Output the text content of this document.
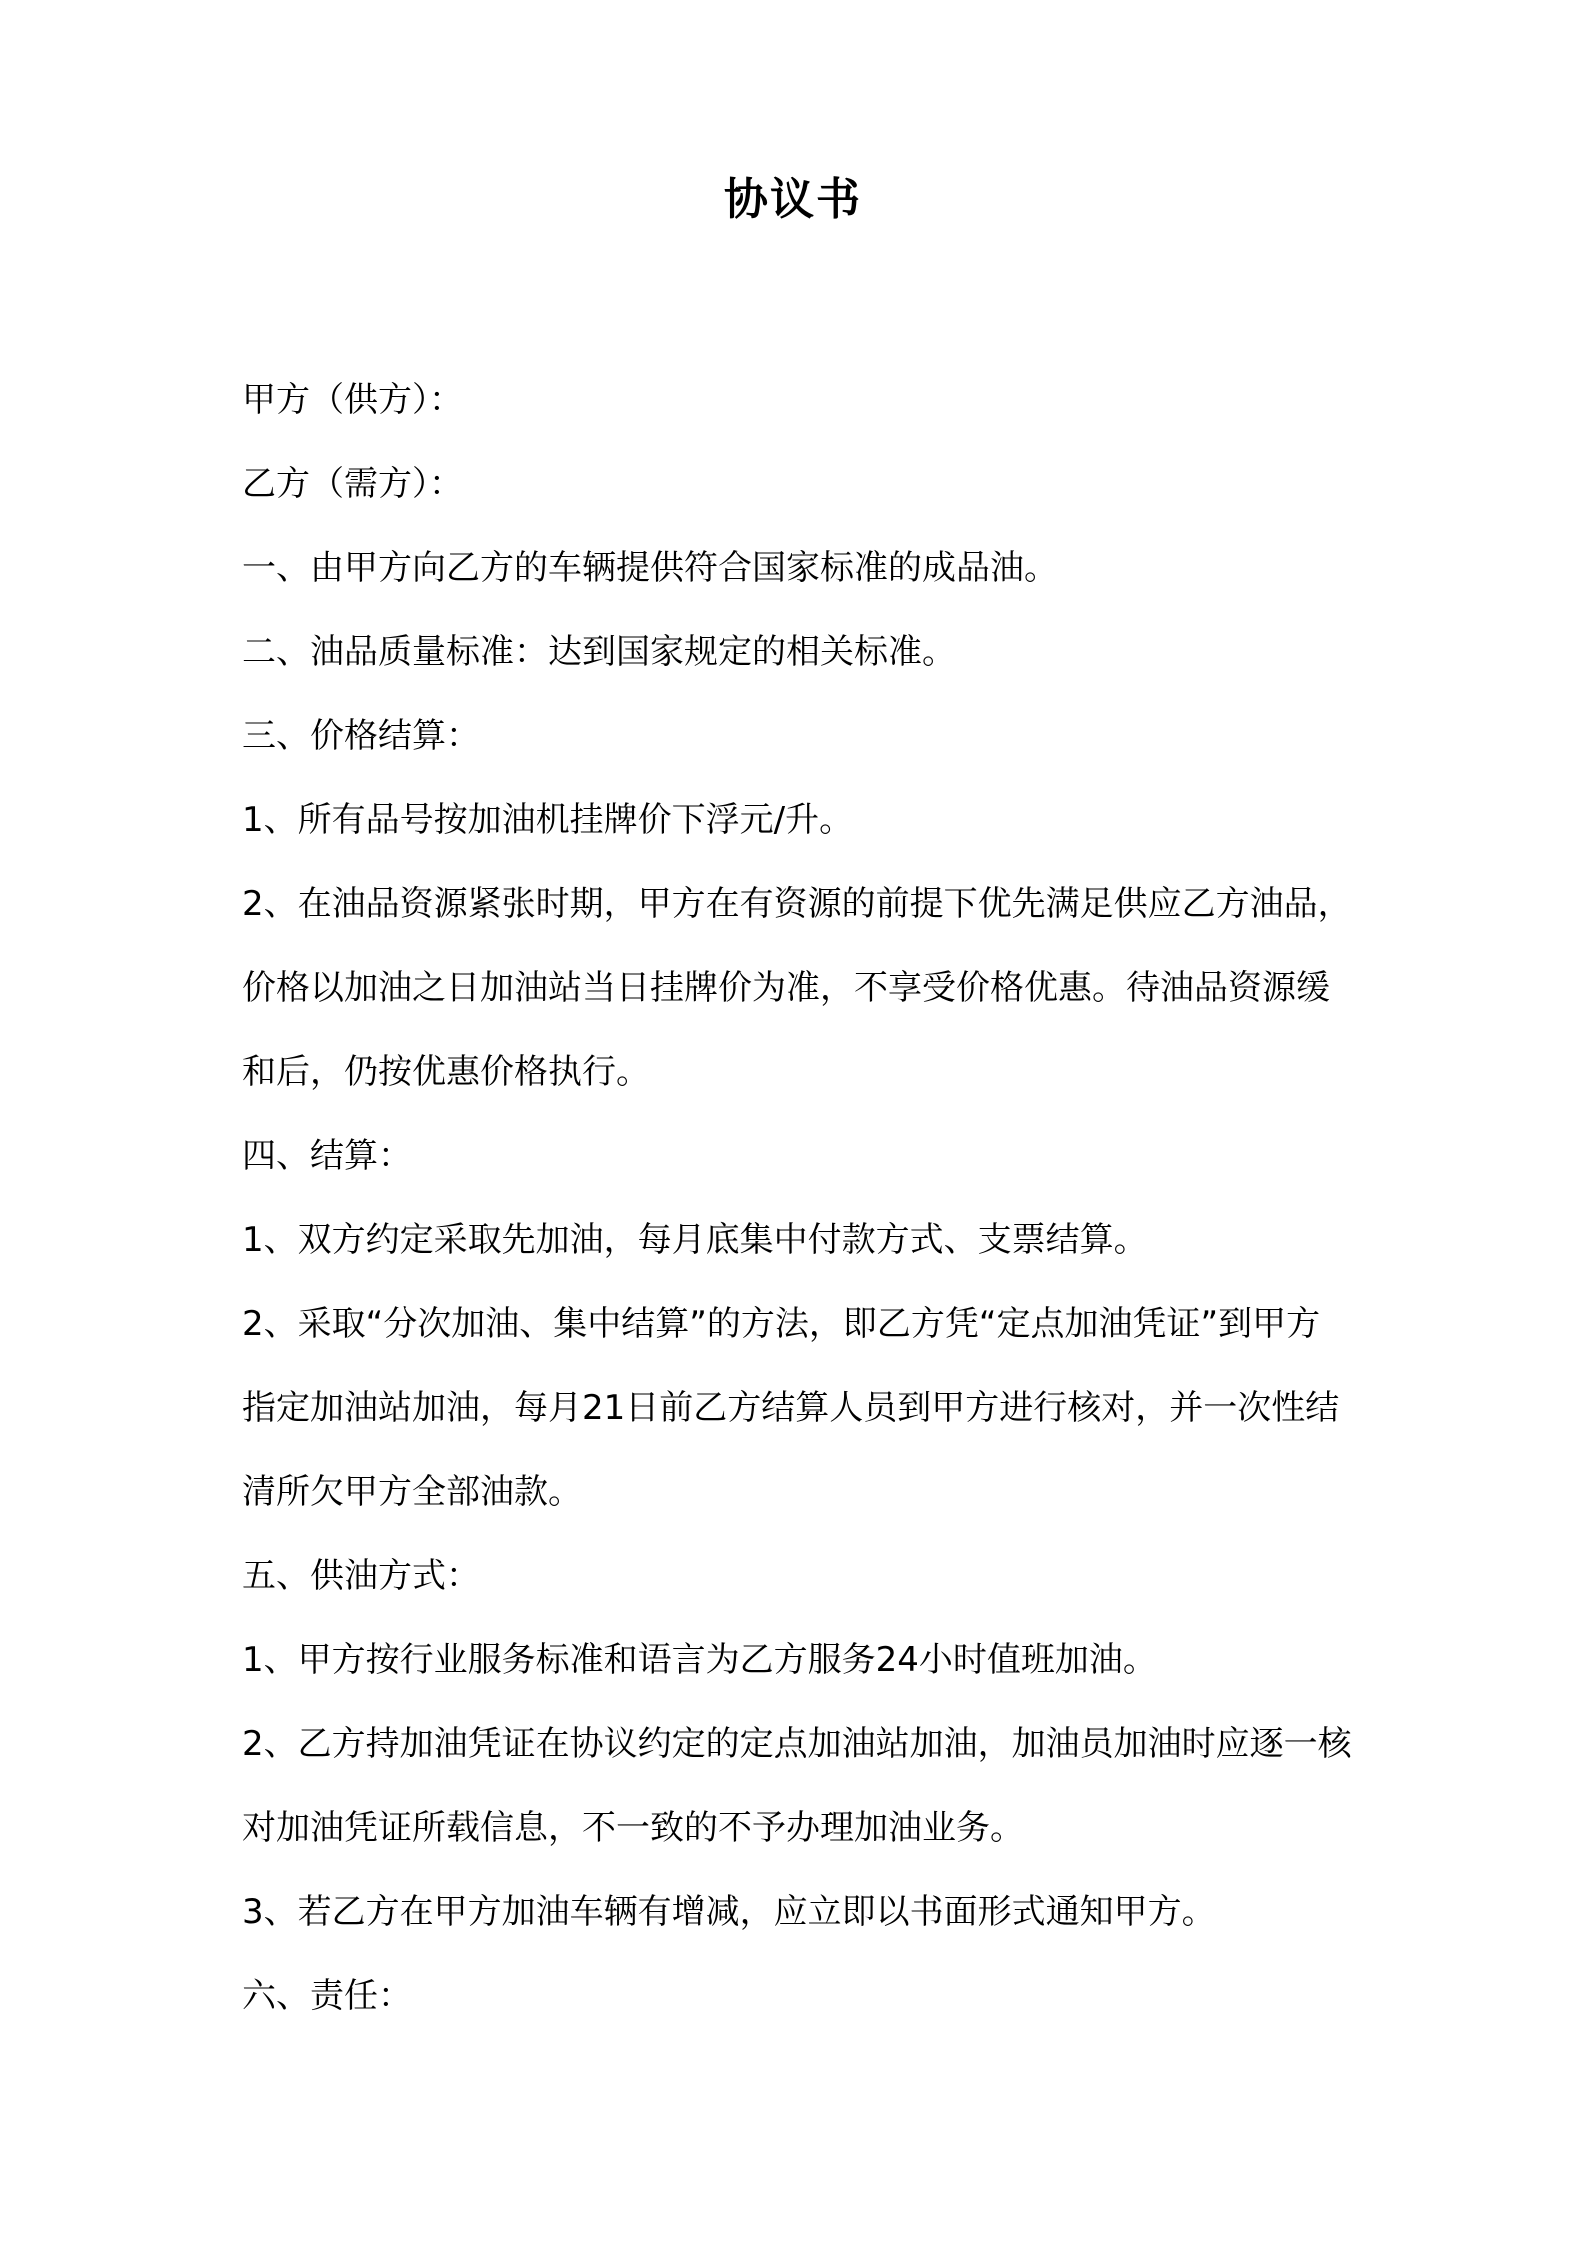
协议书

甲方（供方）：

乙方（需方）：

一、由甲方向乙方的车辆提供符合国家标准的成品油。

二、油品质量标准：达到国家规定的相关标准。

三、价格结算：

1、所有品号按加油机挂牌价下浮元/升。

2、在油品资源紧张时期，甲方在有资源的前提下优先满足供应乙方油品，价格以加油之日加油站当日挂牌价为准，不享受价格优惠。待油品资源缓和后，仍按优惠价格执行。

四、结算：

1、双方约定采取先加油，每月底集中付款方式、支票结算。

2、采取“分次加油、集中结算”的方法，即乙方凭“定点加油凭证”到甲方指定加油站加油，每月21日前乙方结算人员到甲方进行核对，并一次性结清所欠甲方全部油款。

五、供油方式：

1、甲方按行业服务标准和语言为乙方服务24小时值班加油。

2、乙方持加油凭证在协议约定的定点加油站加油，加油员加油时应逐一核对加油凭证所载信息，不一致的不予办理加油业务。

3、若乙方在甲方加油车辆有增减，应立即以书面形式通知甲方。

六、责任：
